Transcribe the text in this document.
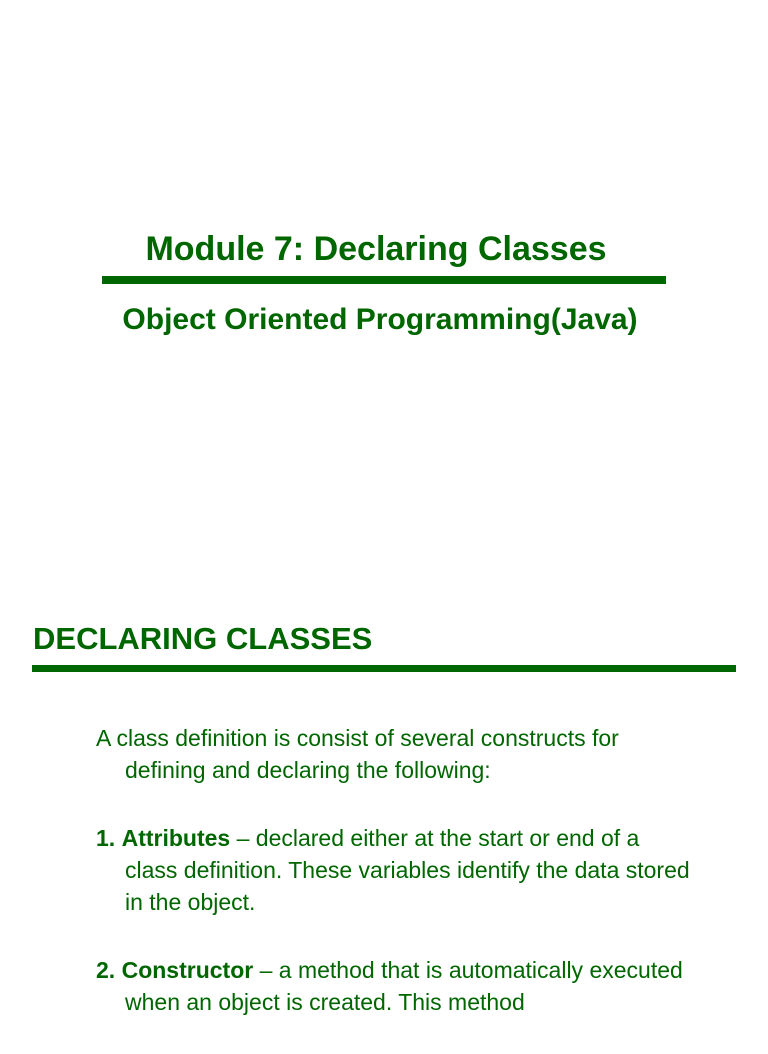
Module 7: Declaring Classes
Object Oriented Programming(Java)
DECLARING CLASSES

A class definition is consist of several constructs for defining and declaring the following:

1. Attributes – declared either at the start or end of a class definition. These variables identify the data stored in the object.

2. Constructor – a method that is automatically executed when an object is created. This method
